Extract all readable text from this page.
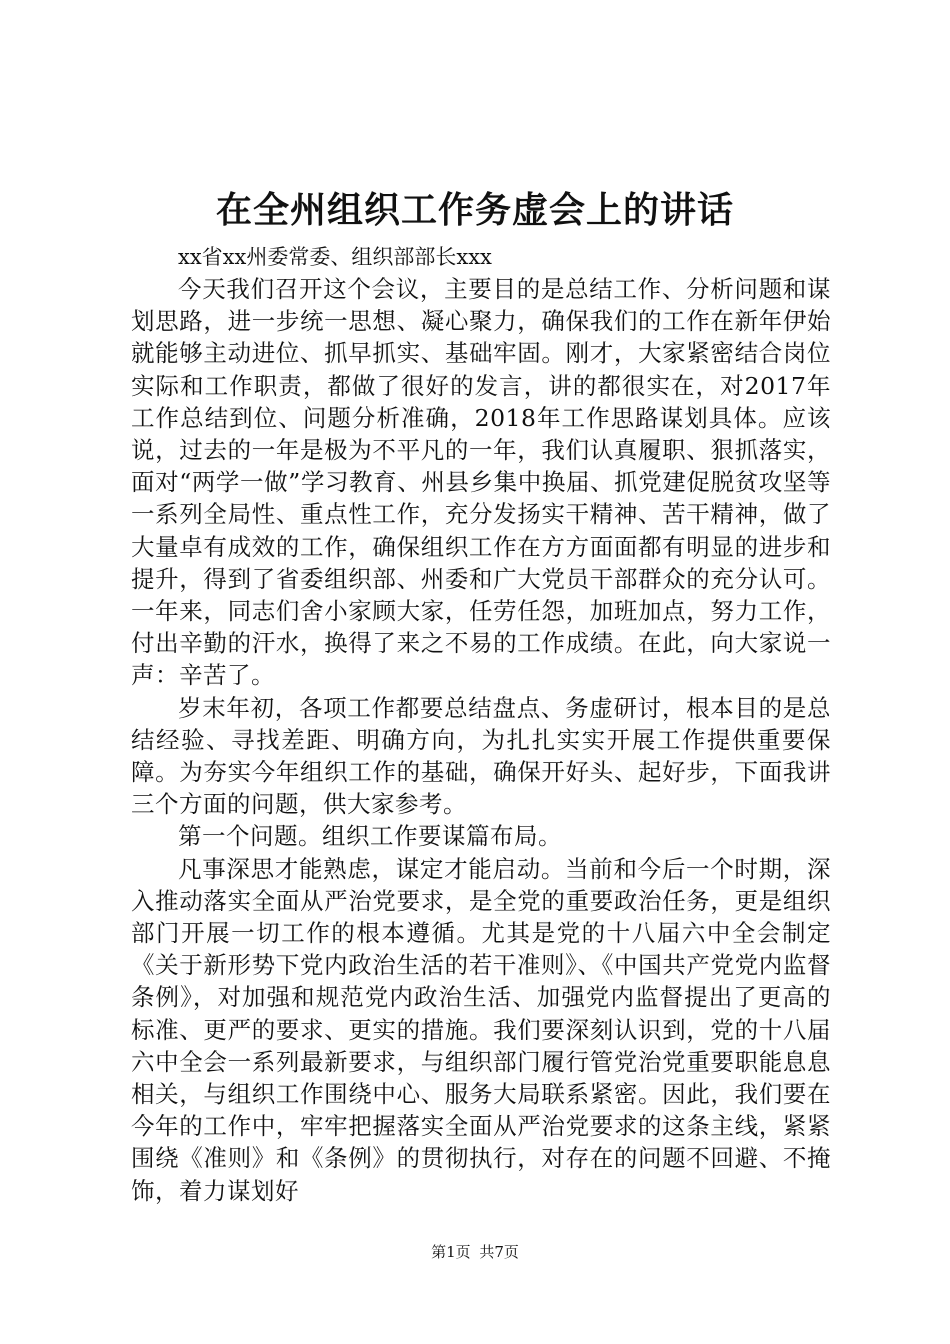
在全州组织工作务虚会上的讲话

xx省xx州委常委、组织部部长xxx

今天我们召开这个会议，主要目的是总结工作、分析问题和谋划思路，进一步统一思想、凝心聚力，确保我们的工作在新年伊始就能够主动进位、抓早抓实、基础牢固。刚才，大家紧密结合岗位实际和工作职责，都做了很好的发言，讲的都很实在，对2017年工作总结到位、问题分析准确，2018年工作思路谋划具体。应该说，过去的一年是极为不平凡的一年，我们认真履职、狠抓落实，面对“两学一做”学习教育、州县乡集中换届、抓党建促脱贫攻坚等一系列全局性、重点性工作，充分发扬实干精神、苦干精神，做了大量卓有成效的工作，确保组织工作在方方面面都有明显的进步和提升，得到了省委组织部、州委和广大党员干部群众的充分认可。一年来，同志们舍小家顾大家，任劳任怨，加班加点，努力工作，付出辛勤的汗水，换得了来之不易的工作成绩。在此，向大家说一声：辛苦了。

岁末年初，各项工作都要总结盘点、务虚研讨，根本目的是总结经验、寻找差距、明确方向，为扎扎实实开展工作提供重要保障。为夯实今年组织工作的基础，确保开好头、起好步，下面我讲三个方面的问题，供大家参考。

第一个问题。组织工作要谋篇布局。

凡事深思才能熟虑，谋定才能启动。当前和今后一个时期，深入推动落实全面从严治党要求，是全党的重要政治任务，更是组织部门开展一切工作的根本遵循。尤其是党的十八届六中全会制定《关于新形势下党内政治生活的若干准则》、《中国共产党党内监督条例》，对加强和规范党内政治生活、加强党内监督提出了更高的标准、更严的要求、更实的措施。我们要深刻认识到，党的十八届六中全会一系列最新要求，与组织部门履行管党治党重要职能息息相关，与组织工作围绕中心、服务大局联系紧密。因此，我们要在今年的工作中，牢牢把握落实全面从严治党要求的这条主线，紧紧围绕《准则》和《条例》的贯彻执行，对存在的问题不回避、不掩饰，着力谋划好

第1页 共7页
